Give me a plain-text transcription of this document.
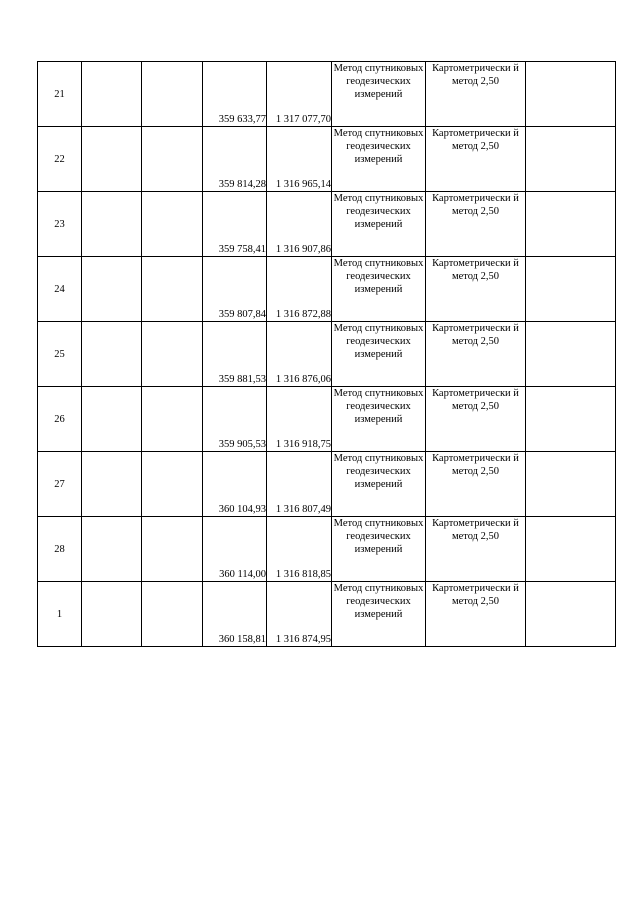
21			359 633,77	1 317 077,70	Метод спутниковых геодезических измерений	Картометрически й метод 2,50	
22			359 814,28	1 316 965,14	Метод спутниковых геодезических измерений	Картометрически й метод 2,50	
23			359 758,41	1 316 907,86	Метод спутниковых геодезических измерений	Картометрически й метод 2,50	
24			359 807,84	1 316 872,88	Метод спутниковых геодезических измерений	Картометрически й метод 2,50	
25			359 881,53	1 316 876,06	Метод спутниковых геодезических измерений	Картометрически й метод 2,50	
26			359 905,53	1 316 918,75	Метод спутниковых геодезических измерений	Картометрически й метод 2,50	
27			360 104,93	1 316 807,49	Метод спутниковых геодезических измерений	Картометрически й метод 2,50	
28			360 114,00	1 316 818,85	Метод спутниковых геодезических измерений	Картометрически й метод 2,50	
1			360 158,81	1 316 874,95	Метод спутниковых геодезических измерений	Картометрически й метод 2,50	
